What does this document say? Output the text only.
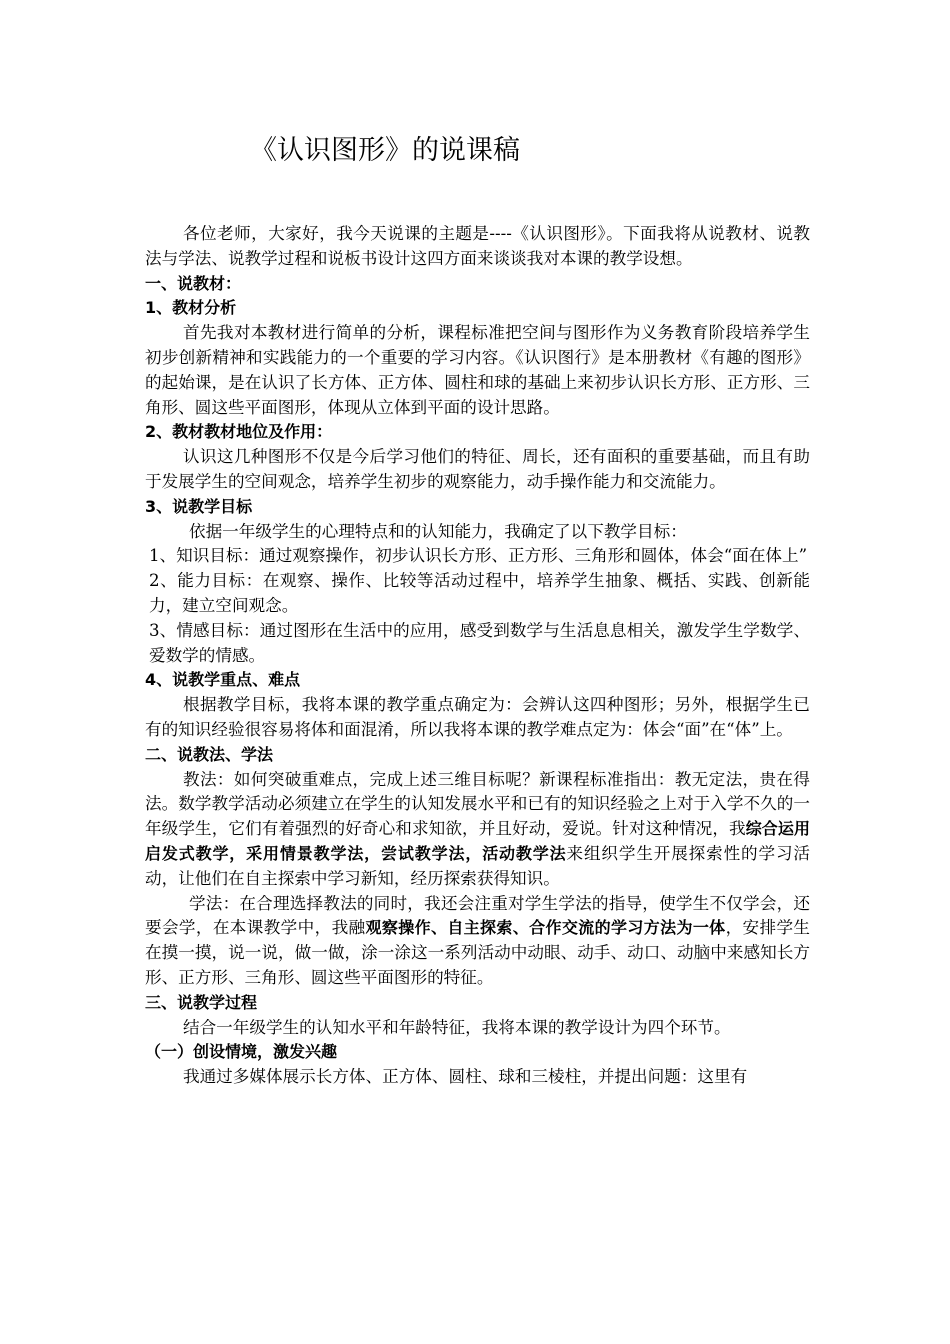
《认识图形》的说课稿

各位老师，大家好，我今天说课的主题是----《认识图形》。下面我将从说教材、说教法与学法、说教学过程和说板书设计这四方面来谈谈我对本课的教学设想。

一、说教材：

1、教材分析

首先我对本教材进行简单的分析，课程标准把空间与图形作为义务教育阶段培养学生初步创新精神和实践能力的一个重要的学习内容。《认识图行》是本册教材《有趣的图形》的起始课，是在认识了长方体、正方体、圆柱和球的基础上来初步认识长方形、正方形、三角形、圆这些平面图形，体现从立体到平面的设计思路。

2、教材教材地位及作用：

认识这几种图形不仅是今后学习他们的特征、周长，还有面积的重要基础，而且有助于发展学生的空间观念，培养学生初步的观察能力，动手操作能力和交流能力。

3、说教学目标

依据一年级学生的心理特点和的认知能力，我确定了以下教学目标：

1、知识目标：通过观察操作，初步认识长方形、正方形、三角形和圆体，体会“面在体上”

2、能力目标：在观察、操作、比较等活动过程中，培养学生抽象、概括、实践、创新能力，建立空间观念。

3、情感目标：通过图形在生活中的应用，感受到数学与生活息息相关，激发学生学数学、爱数学的情感。

4、说教学重点、难点

根据教学目标，我将本课的教学重点确定为：会辨认这四种图形；另外，根据学生已有的知识经验很容易将体和面混淆，所以我将本课的教学难点定为：体会“面”在“体”上。

二、说教法、学法

教法：如何突破重难点，完成上述三维目标呢？新课程标准指出：教无定法，贵在得法。数学教学活动必须建立在学生的认知发展水平和已有的知识经验之上对于入学不久的一年级学生，它们有着强烈的好奇心和求知欲，并且好动，爱说。针对这种情况，我综合运用启发式教学，采用情景教学法，尝试教学法，活动教学法来组织学生开展探索性的学习活动，让他们在自主探索中学习新知，经历探索获得知识。

学法：在合理选择教法的同时，我还会注重对学生学法的指导，使学生不仅学会，还要会学，在本课教学中，我融观察操作、自主探索、合作交流的学习方法为一体，安排学生在摸一摸，说一说，做一做，涂一涂这一系列活动中动眼、动手、动口、动脑中来感知长方形、正方形、三角形、圆这些平面图形的特征。

三、说教学过程

结合一年级学生的认知水平和年龄特征，我将本课的教学设计为四个环节。

（一）创设情境，激发兴趣

我通过多媒体展示长方体、正方体、圆柱、球和三棱柱，并提出问题：这里有
